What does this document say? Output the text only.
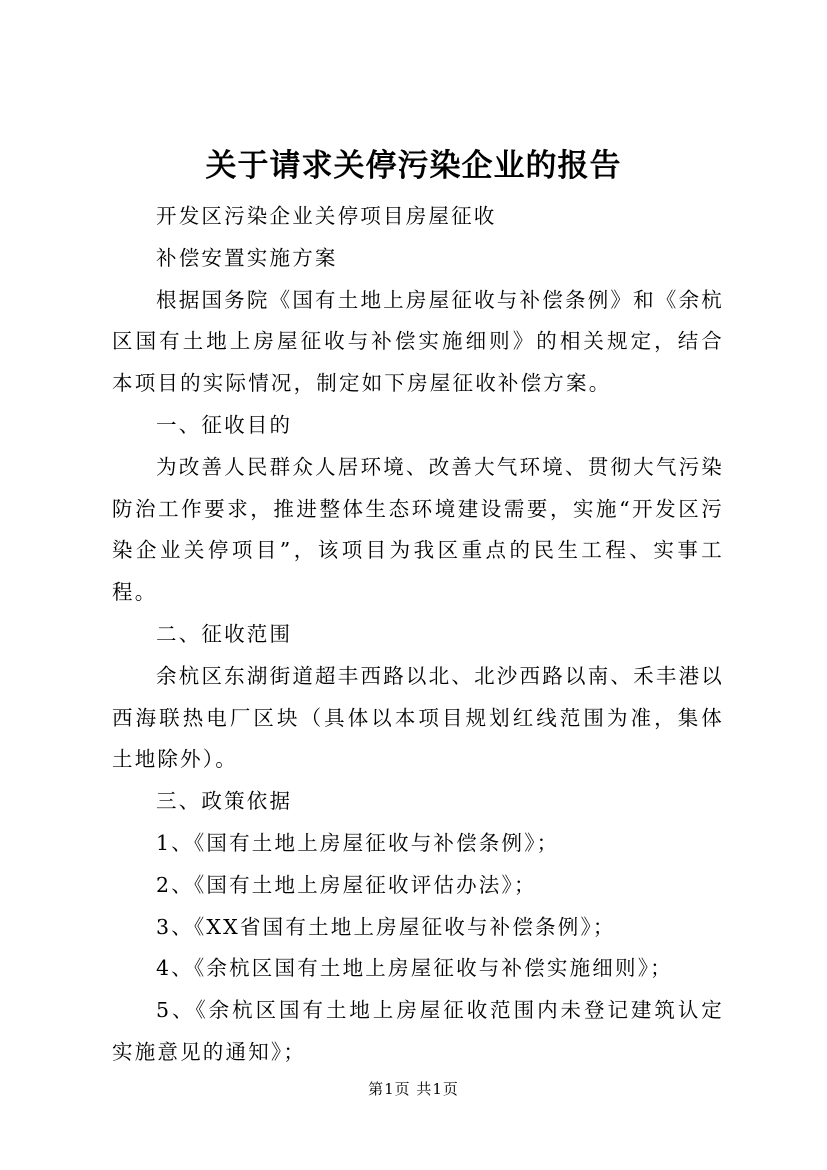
关于请求关停污染企业的报告

开发区污染企业关停项目房屋征收

补偿安置实施方案

根据国务院《国有土地上房屋征收与补偿条例》和《余杭区国有土地上房屋征收与补偿实施细则》的相关规定，结合本项目的实际情况，制定如下房屋征收补偿方案。

一、征收目的

为改善人民群众人居环境、改善大气环境、贯彻大气污染防治工作要求，推进整体生态环境建设需要，实施“开发区污染企业关停项目”，该项目为我区重点的民生工程、实事工程。

二、征收范围

余杭区东湖街道超丰西路以北、北沙西路以南、禾丰港以西海联热电厂区块（具体以本项目规划红线范围为准，集体土地除外）。

三、政策依据

1、《国有土地上房屋征收与补偿条例》；

2、《国有土地上房屋征收评估办法》；

3、《XX省国有土地上房屋征收与补偿条例》；

4、《余杭区国有土地上房屋征收与补偿实施细则》；

5、《余杭区国有土地上房屋征收范围内未登记建筑认定实施意见的通知》；

第1页 共1页
